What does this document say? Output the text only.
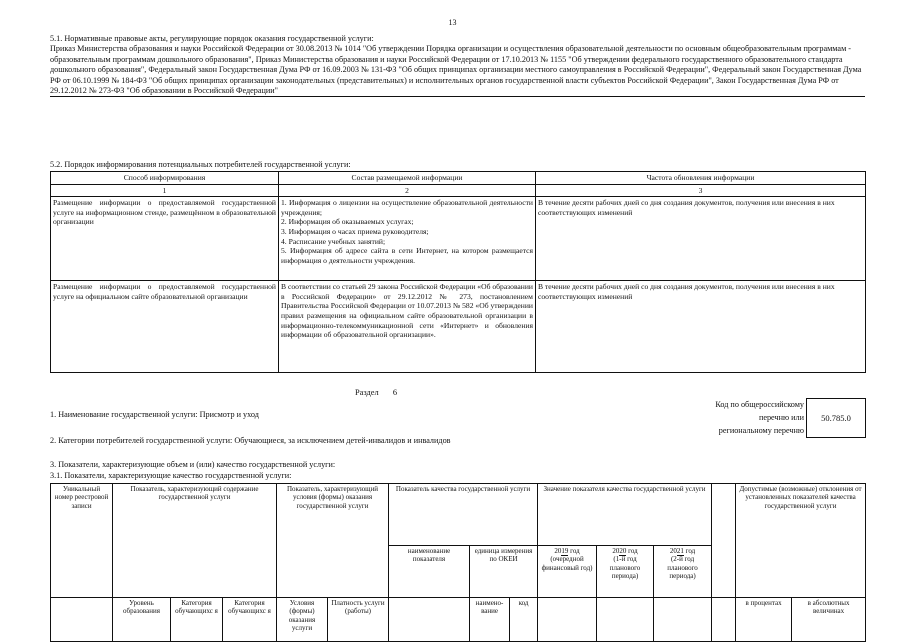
13
5.1. Нормативные правовые акты, регулирующие порядок оказания государственной услуги:
Приказ Министерства образования и науки Российской Федерации от 30.08.2013 № 1014 "Об утверждении Порядка организации и осуществления образовательной деятельности по основным общеобразовательным программам - образовательным программам дошкольного образования", Приказ Министерства образования и науки Российской Федерации от 17.10.2013 № 1155 "Об утверждении федерального государственного образовательного стандарта дошкольного образования", Федеральный закон Государственная Дума РФ от 16.09.2003 № 131-ФЗ "Об общих принципах организации местного самоуправления в Российской Федерации", Федеральный закон Государственная Дума РФ от 06.10.1999 № 184-ФЗ "Об общих принципах организации законодательных (представительных) и исполнительных органов государственной власти субъектов Российской Федерации", Закон Государственная Дума РФ от 29.12.2012 № 273-ФЗ "Об образовании в Российской Федерации"
5.2. Порядок информирования потенциальных потребителей государственной услуги:
Способ информирования	Состав размещаемой информации	Частота обновления информации
1	2	3
Размещение информации о предоставляемой государственной услуге на информационном стенде, размещённом в образовательной организации	1. Информация о лицензии на осуществление образовательной деятельности учреждения;
2. Информация об оказываемых услугах;
3. Информация о часах приема руководителя;
4. Расписание учебных занятий;
5. Информация об адресе сайта в сети Интернет, на котором размещается информация о деятельности учреждения.	В течение десяти рабочих дней со дня создания документов, получения или внесения в них соответствующих изменений
Размещение информации о предоставляемой государственной услуге на официальном сайте образовательной организации	В соответствии со статьей 29 закона Российской Федерации «Об образовании в Российской Федерации» от 29.12.2012 № 273, постановлением Правительства Российской Федерации от 10.07.2013 № 582 «Об утверждении правил размещения на официальном сайте образовательной организации в информационно-телекоммуникационной сети «Интернет» и обновления информации об образовательной организации».	В течение десяти рабочих дней со дня создания документов, получения или внесения в них соответствующих изменений
Раздел 6
1. Наименование государственной услуги: Присмотр и уход
Код по общероссийскому
перечню или
региональному перечню
50.785.0
2. Категории потребителей государственной услуги: Обучающиеся, за исключением детей-инвалидов и инвалидов
3. Показатели, характеризующие объем и (или) качество государственной услуги:
3.1. Показатели, характеризующие качество государственной услуги:
Уникальный номер реестровой записи	Показатель, характеризующий содержание государственной услуги			Показатель, характеризующий условия (формы) оказания государственной услуги		Показатель качества государственной услуги			Значение показателя качества государственной услуги				Допустимые (возможные) отклонения от установленных показателей качества государственной услуги	
						наименование показателя	единица измерения по ОКЕИ		2019 год
(очередной финансовый год)	2020 год
(1-й год планового периода)	2021 год
(2-й год планового периода)			

	Уровень образования	Категория обучающихс я	Категория обучающихс я	Условия (формы) оказания услуги	Платность услуги (работы)		наимено-вание	код					в процентах	в абсолютных величинах
